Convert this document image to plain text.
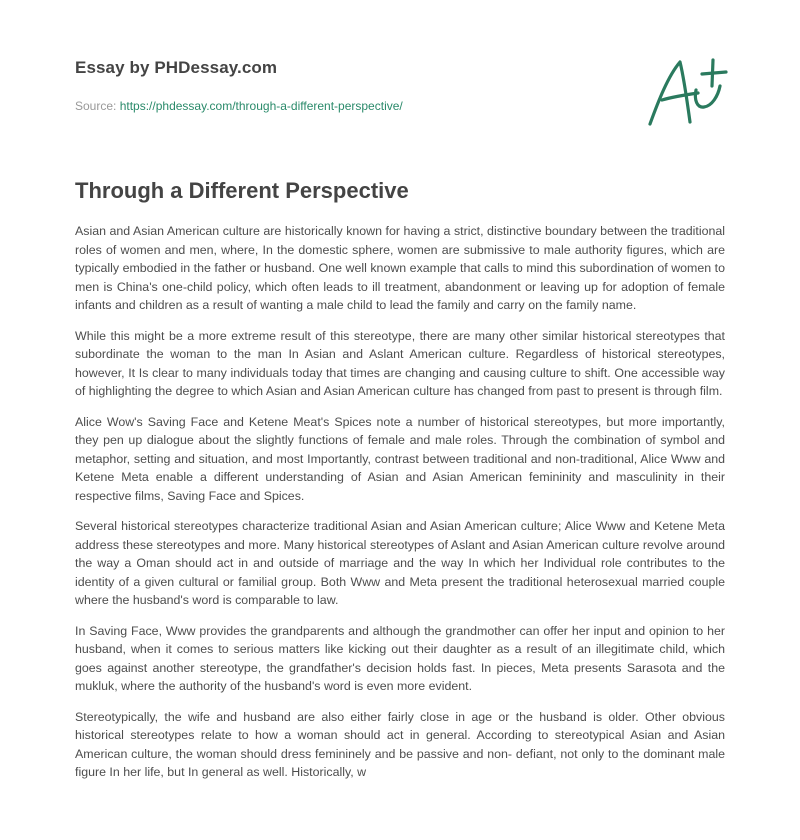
Essay by PHDessay.com
Source: https://phdessay.com/through-a-different-perspective/
Through a Different Perspective

Asian and Asian American culture are historically known for having a strict, distinctive boundary between the traditional roles of women and men, where, In the domestic sphere, women are submissive to male authority figures, which are typically embodied in the father or husband. One well known example that calls to mind this subordination of women to men is China's one-child policy, which often leads to ill treatment, abandonment or leaving up for adoption of female infants and children as a result of wanting a male child to lead the family and carry on the family name.

While this might be a more extreme result of this stereotype, there are many other similar historical stereotypes that subordinate the woman to the man In Asian and Aslant American culture. Regardless of historical stereotypes, however, It Is clear to many individuals today that times are changing and causing culture to shift. One accessible way of highlighting the degree to which Asian and Asian American culture has changed from past to present is through film.

Alice Wow's Saving Face and Ketene Meat's Spices note a number of historical stereotypes, but more importantly, they pen up dialogue about the slightly functions of female and male roles. Through the combination of symbol and metaphor, setting and situation, and most Importantly, contrast between traditional and non-traditional, Alice Www and Ketene Meta enable a different understanding of Asian and Asian American femininity and masculinity in their respective films, Saving Face and Spices.

Several historical stereotypes characterize traditional Asian and Asian American culture; Alice Www and Ketene Meta address these stereotypes and more. Many historical stereotypes of Aslant and Asian American culture revolve around the way a Oman should act in and outside of marriage and the way In which her Individual role contributes to the identity of a given cultural or familial group. Both Www and Meta present the traditional heterosexual married couple where the husband's word is comparable to law.

In Saving Face, Www provides the grandparents and although the grandmother can offer her input and opinion to her husband, when it comes to serious matters like kicking out their daughter as a result of an illegitimate child, which goes against another stereotype, the grandfather's decision holds fast. In pieces, Meta presents Sarasota and the mukluk, where the authority of the husband's word is even more evident.

Stereotypically, the wife and husband are also either fairly close in age or the husband is older. Other obvious historical stereotypes relate to how a woman should act in general. According to stereotypical Asian and Asian American culture, the woman should dress femininely and be passive and non- defiant, not only to the dominant male figure In her life, but In general as well. Historically, w
